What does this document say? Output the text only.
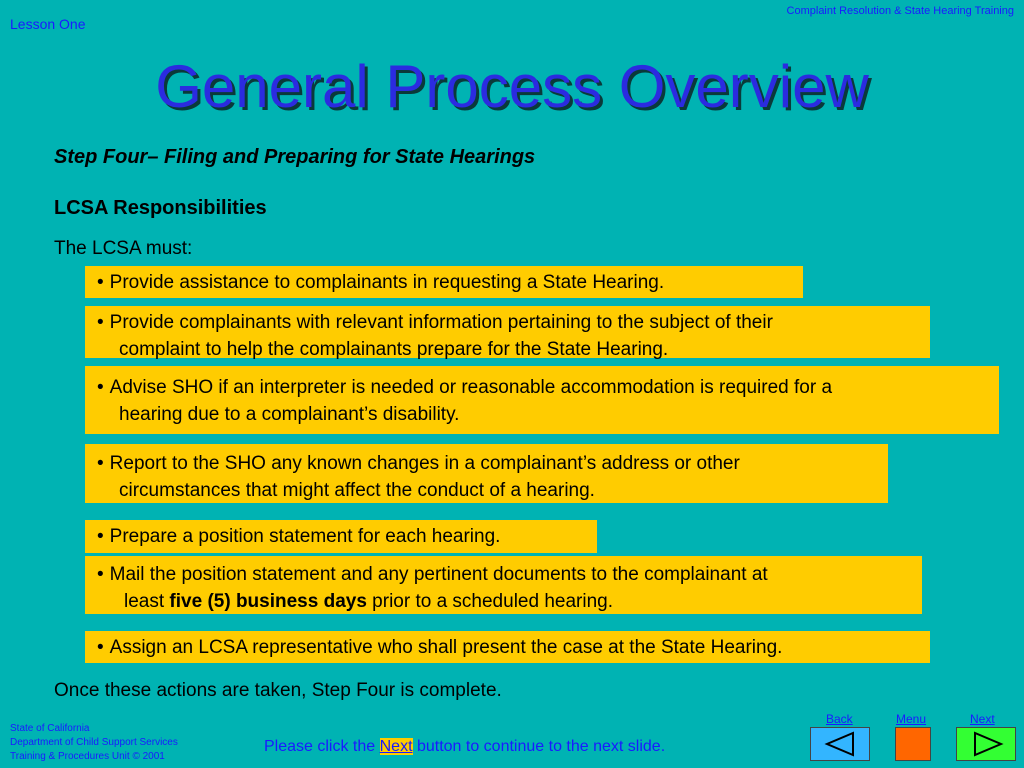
Lesson One
Complaint Resolution & State Hearing Training
General Process Overview
Step Four– Filing and Preparing for State Hearings
LCSA Responsibilities
The LCSA must:
• Provide assistance to complainants in requesting a State Hearing.
• Provide complainants with relevant information pertaining to the subject of their
complaint to help the complainants prepare for the State Hearing.
• Advise SHO if an interpreter is needed or reasonable accommodation is required for a
hearing due to a complainant’s disability.
• Report to the SHO any known changes in a complainant’s address or other
circumstances that might affect the conduct of a hearing.
• Prepare a position statement for each hearing.
• Mail the position statement and any pertinent documents to the complainant at
least five (5) business days prior to a scheduled hearing.
• Assign an LCSA representative who shall present the case at the State Hearing.
Once these actions are taken, Step Four is complete.
State of California
Department of Child Support Services
Training & Procedures Unit © 2001
Please click the Next button to continue to the next slide.
Back	Menu	Next
